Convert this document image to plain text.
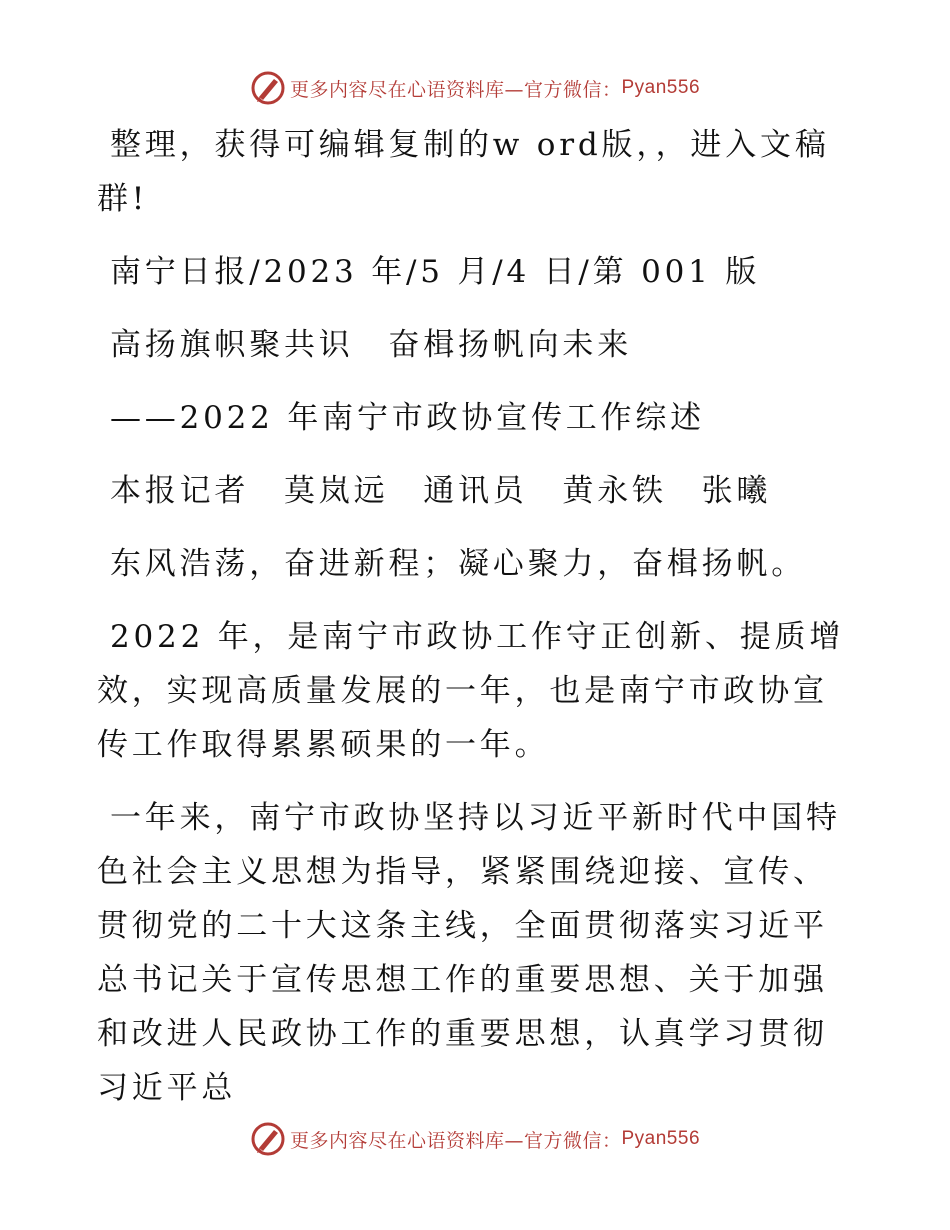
更多内容尽在心语资料库—官方微信： Pyan556

整理，获得可编辑复制的w ord版，，进入文稿群!

南宁日报/2023 年/5 月/4 日/第 001 版

高扬旗帜聚共识　奋楫扬帆向未来

——2022 年南宁市政协宣传工作综述

本报记者　莫岚远　通讯员　黄永铁　张曦

东风浩荡，奋进新程；凝心聚力，奋楫扬帆。

2022 年，是南宁市政协工作守正创新、提质增效，实现高质量发展的一年，也是南宁市政协宣传工作取得累累硕果的一年。

一年来，南宁市政协坚持以习近平新时代中国特色社会主义思想为指导，紧紧围绕迎接、宣传、贯彻党的二十大这条主线，全面贯彻落实习近平总书记关于宣传思想工作的重要思想、关于加强和改进人民政协工作的重要思想，认真学习贯彻习近平总

更多内容尽在心语资料库—官方微信： Pyan556
